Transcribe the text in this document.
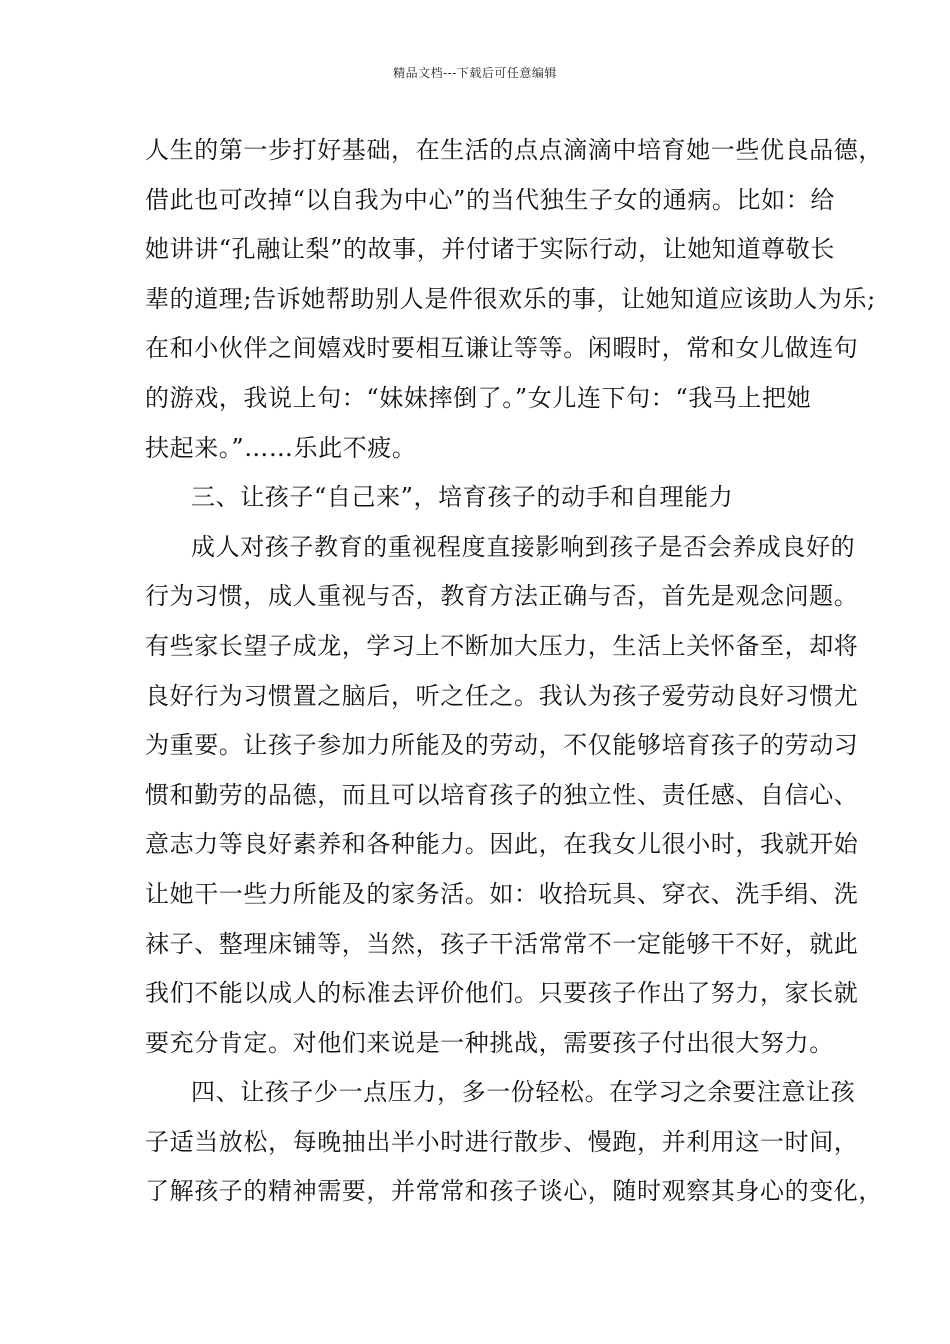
精品文档---下载后可任意编辑
人生的第一步打好基础，在生活的点点滴滴中培育她一些优良品德，
借此也可改掉“以自我为中心”的当代独生子女的通病。比如：给
她讲讲“孔融让梨”的故事，并付诸于实际行动，让她知道尊敬长
辈的道理;告诉她帮助别人是件很欢乐的事，让她知道应该助人为乐;
在和小伙伴之间嬉戏时要相互谦让等等。闲暇时，常和女儿做连句
的游戏，我说上句：“妹妹摔倒了。”女儿连下句：“我马上把她
扶起来。”……乐此不疲。
三、让孩子“自己来”，培育孩子的动手和自理能力
成人对孩子教育的重视程度直接影响到孩子是否会养成良好的
行为习惯，成人重视与否，教育方法正确与否，首先是观念问题。
有些家长望子成龙，学习上不断加大压力，生活上关怀备至，却将
良好行为习惯置之脑后，听之任之。我认为孩子爱劳动良好习惯尤
为重要。让孩子参加力所能及的劳动，不仅能够培育孩子的劳动习
惯和勤劳的品德，而且可以培育孩子的独立性、责任感、自信心、
意志力等良好素养和各种能力。因此，在我女儿很小时，我就开始
让她干一些力所能及的家务活。如：收拾玩具、穿衣、洗手绢、洗
袜子、整理床铺等，当然，孩子干活常常不一定能够干不好，就此
我们不能以成人的标准去评价他们。只要孩子作出了努力，家长就
要充分肯定。对他们来说是一种挑战，需要孩子付出很大努力。
四、让孩子少一点压力，多一份轻松。在学习之余要注意让孩
子适当放松，每晚抽出半小时进行散步、慢跑，并利用这一时间，
了解孩子的精神需要，并常常和孩子谈心，随时观察其身心的变化，
